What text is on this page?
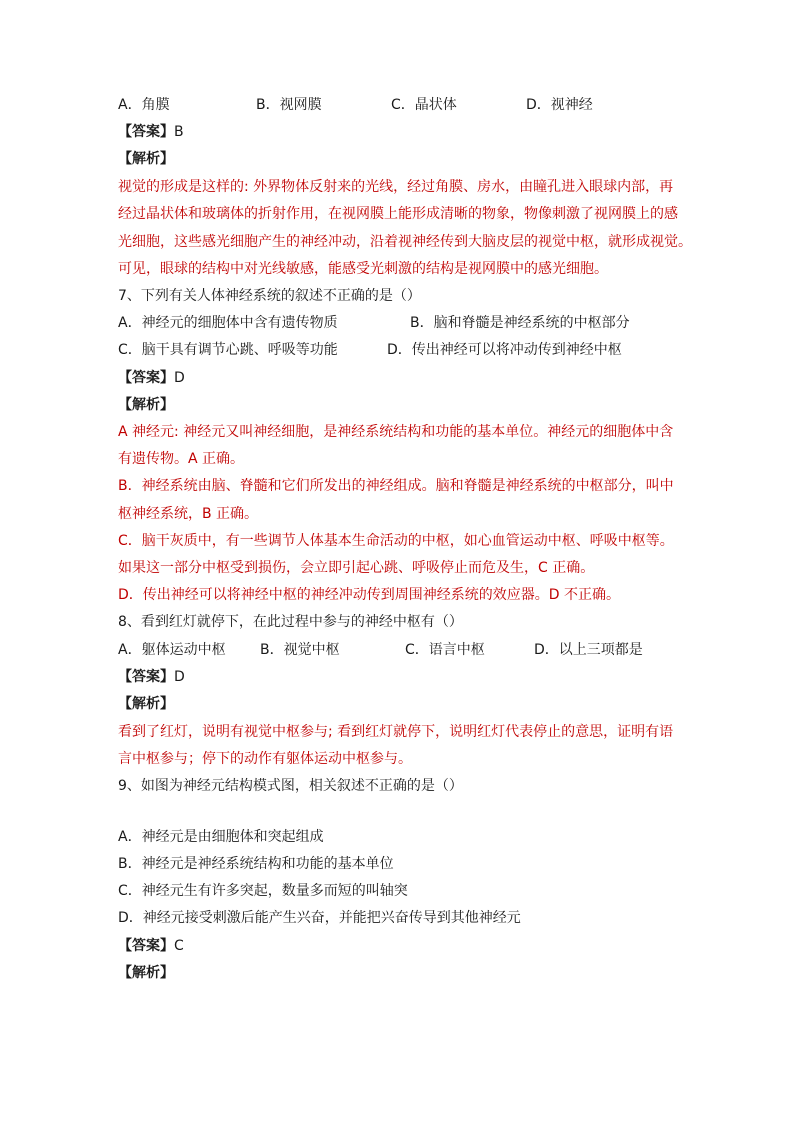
A．角膜	B．视网膜	C．晶状体	D．视神经
【答案】B
【解析】
视觉的形成是这样的: 外界物体反射来的光线，经过角膜、房水，由瞳孔进入眼球内部，再
经过晶状体和玻璃体的折射作用，在视网膜上能形成清晰的物象，物像刺激了视网膜上的感
光细胞，这些感光细胞产生的神经冲动，沿着视神经传到大脑皮层的视觉中枢，就形成视觉。
可见，眼球的结构中对光线敏感，能感受光刺激的结构是视网膜中的感光细胞。
7、下列有关人体神经系统的叙述不正确的是（）
A．神经元的细胞体中含有遗传物质	B．脑和脊髓是神经系统的中枢部分
C．脑干具有调节心跳、呼吸等功能	D．传出神经可以将冲动传到神经中枢
【答案】D
【解析】
A 神经元: 神经元又叫神经细胞，是神经系统结构和功能的基本单位。神经元的细胞体中含
有遗传物。A 正确。
B．神经系统由脑、脊髓和它们所发出的神经组成。脑和脊髓是神经系统的中枢部分，叫中
枢神经系统，B 正确。
C．脑干灰质中，有一些调节人体基本生命活动的中枢，如心血管运动中枢、呼吸中枢等。
如果这一部分中枢受到损伤，会立即引起心跳、呼吸停止而危及生，C 正确。
D．传出神经可以将神经中枢的神经冲动传到周围神经系统的效应器。D 不正确。
8、看到红灯就停下，在此过程中参与的神经中枢有（）
A．躯体运动中枢 B．视觉中枢	C．语言中枢	D．以上三项都是
【答案】D
【解析】
看到了红灯，说明有视觉中枢参与; 看到红灯就停下，说明红灯代表停止的意思，证明有语
言中枢参与；停下的动作有躯体运动中枢参与。
9、如图为神经元结构模式图，相关叙述不正确的是（）
A．神经元是由细胞体和突起组成
B．神经元是神经系统结构和功能的基本单位
C．神经元生有许多突起，数量多而短的叫轴突
D．神经元接受刺激后能产生兴奋，并能把兴奋传导到其他神经元
【答案】C
【解析】
